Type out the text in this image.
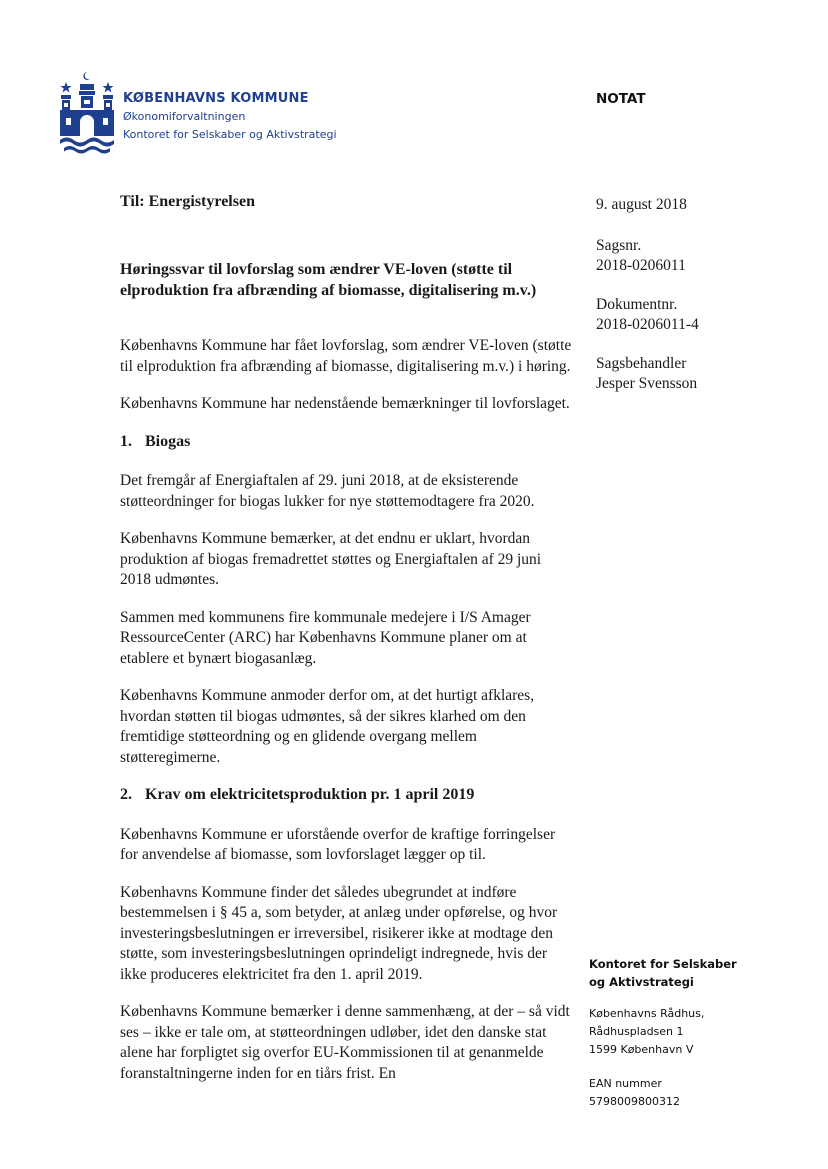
KØBENHAVNS KOMMUNE
Økonomiforvaltningen
Kontoret for Selskaber og Aktivstrategi
NOTAT
Til: Energistyrelsen
Høringssvar til lovforslag som ændrer VE-loven (støtte til elproduktion fra afbrænding af biomasse, digitalisering m.v.)
9. august 2018
Sagsnr.
2018-0206011
Dokumentnr.
2018-0206011-4
Sagsbehandler
Jesper Svensson

Københavns Kommune har fået lovforslag, som ændrer VE-loven (støtte til elproduktion fra afbrænding af biomasse, digitalisering m.v.) i høring.

Københavns Kommune har nedenstående bemærkninger til lovforslaget.

1. Biogas

Det fremgår af Energiaftalen af 29. juni 2018, at de eksisterende støtteordninger for biogas lukker for nye støttemodtagere fra 2020.

Københavns Kommune bemærker, at det endnu er uklart, hvordan produktion af biogas fremadrettet støttes og Energiaftalen af 29 juni 2018 udmøntes.

Sammen med kommunens fire kommunale medejere i I/S Amager RessourceCenter (ARC) har Københavns Kommune planer om at etablere et bynært biogasanlæg.

Københavns Kommune anmoder derfor om, at det hurtigt afklares, hvordan støtten til biogas udmøntes, så der sikres klarhed om den fremtidige støtteordning og en glidende overgang mellem støtteregimerne.

2. Krav om elektricitetsproduktion pr. 1 april 2019

Københavns Kommune er uforstående overfor de kraftige forringelser for anvendelse af biomasse, som lovforslaget lægger op til.

Københavns Kommune finder det således ubegrundet at indføre bestemmelsen i § 45 a, som betyder, at anlæg under opførelse, og hvor investeringsbeslutningen er irreversibel, risikerer ikke at modtage den støtte, som investeringsbeslutningen oprindeligt indregnede, hvis der ikke produceres elektricitet fra den 1. april 2019.

Københavns Kommune bemærker i denne sammenhæng, at der – så vidt ses – ikke er tale om, at støtteordningen udløber, idet den danske stat alene har forpligtet sig overfor EU-Kommissionen til at genanmelde foranstaltningerne inden for en tiårs frist. En

Kontoret for Selskaber
og Aktivstrategi
Københavns Rådhus,
Rådhuspladsen 1
1599 København V
EAN nummer
5798009800312
